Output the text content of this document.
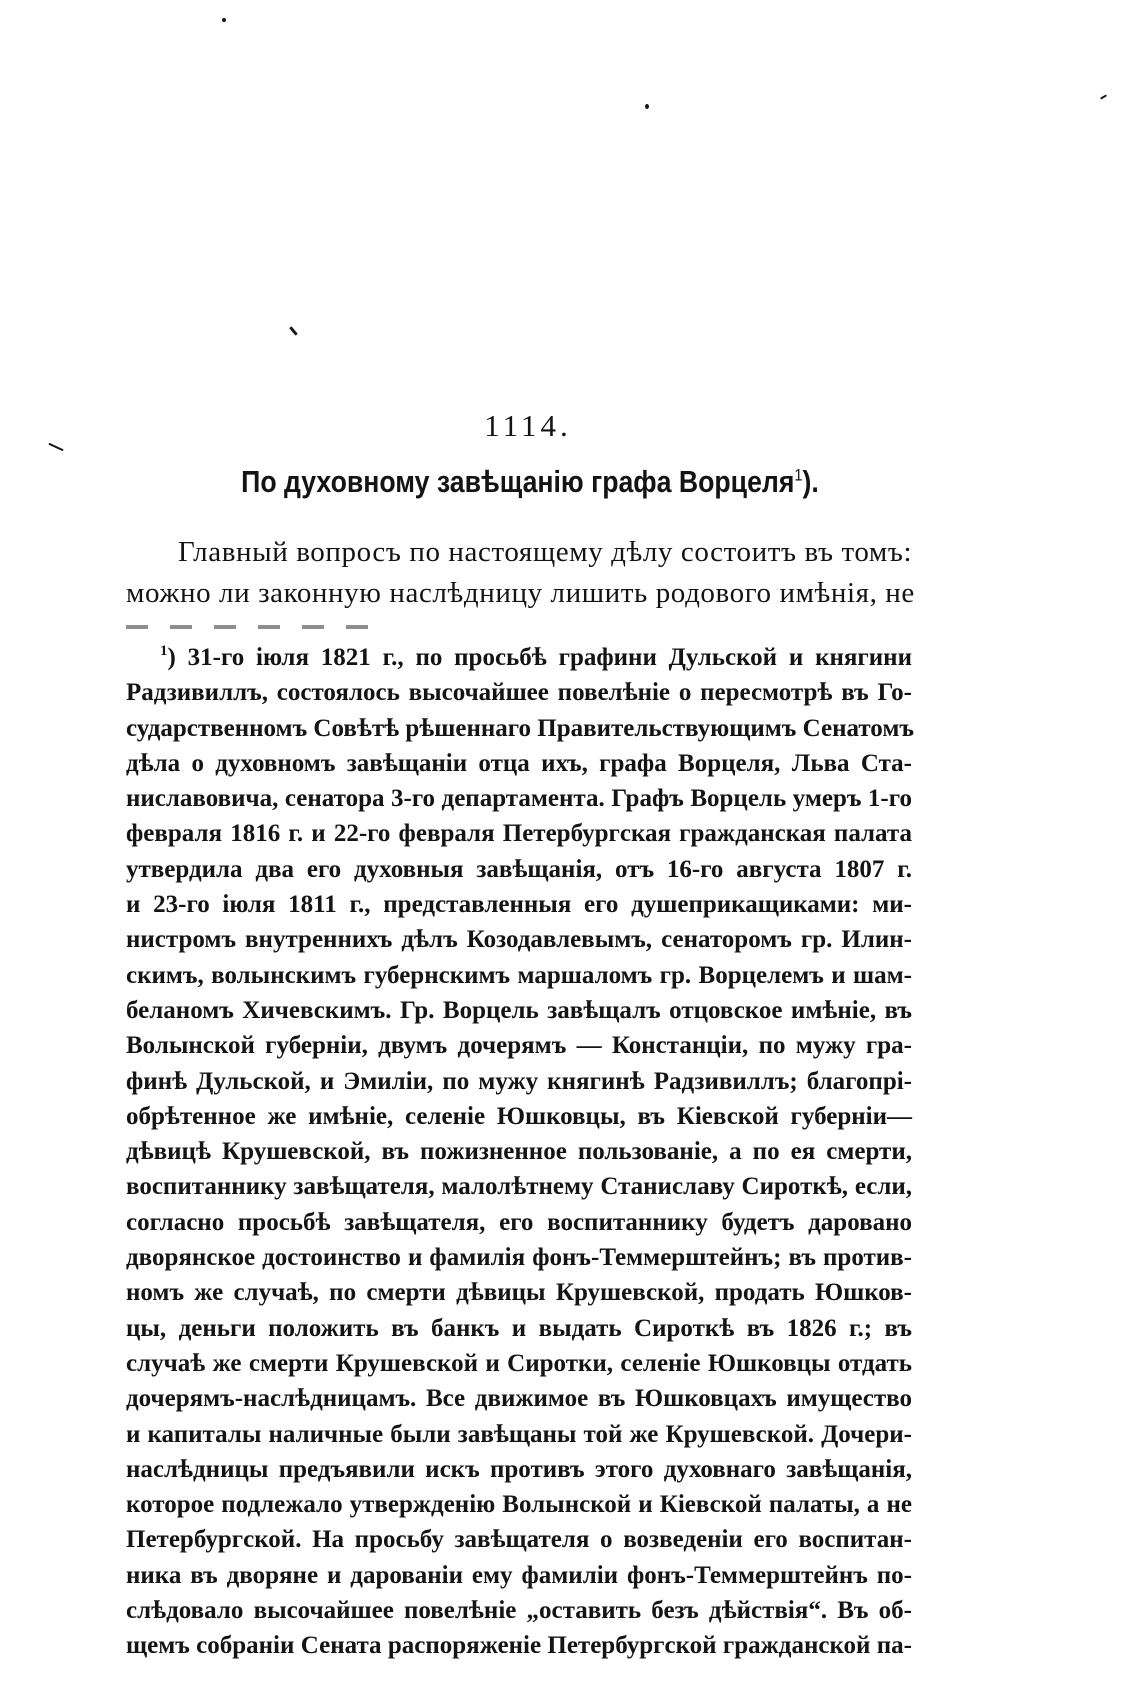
1114.
По духовному завѣщанію графа Ворцеля$^1$).
Главный вопросъ по настоящему дѣлу состоитъ въ томъ:
можно ли законную наслѣдницу лишить родового имѣнія, не
$^1$) 31-го іюля 1821 г., по просьбѣ графини Дульской и княгини
Радзивиллъ, состоялось высочайшее повелѣніе о пересмотрѣ въ Го-
сударственномъ Совѣтѣ рѣшеннаго Правительствующимъ Сенатомъ
дѣла о духовномъ завѣщаніи отца ихъ, графа Ворцеля, Льва Ста-
ниславовича, сенатора 3-го департамента. Графъ Ворцель умеръ 1-го
февраля 1816 г. и 22-го февраля Петербургская гражданская палата
утвердила два его духовныя завѣщанія, отъ 16-го августа 1807 г.
и 23-го іюля 1811 г., представленныя его душеприкащиками: ми-
нистромъ внутреннихъ дѣлъ Козодавлевымъ, сенаторомъ гр. Илин-
скимъ, волынскимъ губернскимъ маршаломъ гр. Ворцелемъ и шам-
беланомъ Хичевскимъ. Гр. Ворцель завѣщалъ отцовское имѣніе, въ
Волынской губерніи, двумъ дочерямъ — Констанціи, по мужу гра-
финѣ Дульской, и Эмиліи, по мужу княгинѣ Радзивиллъ; благопрі-
обрѣтенное же имѣніе, селеніе Юшковцы, въ Кіевской губерніи—
дѣвицѣ Крушевской, въ пожизненное пользованіе, а по ея смерти,
воспитаннику завѣщателя, малолѣтнему Станиславу Сироткѣ, если,
согласно просьбѣ завѣщателя, его воспитаннику будетъ даровано
дворянское достоинство и фамилія фонъ-Теммерштейнъ; въ против-
номъ же случаѣ, по смерти дѣвицы Крушевской, продать Юшков-
цы, деньги положить въ банкъ и выдать Сироткѣ въ 1826 г.; въ
случаѣ же смерти Крушевской и Сиротки, селеніе Юшковцы отдать
дочерямъ-наслѣдницамъ. Все движимое въ Юшковцахъ имущество
и капиталы наличные были завѣщаны той же Крушевской. Дочери-
наслѣдницы предъявили искъ противъ этого духовнаго завѣщанія,
которое подлежало утвержденію Волынской и Кіевской палаты, а не
Петербургской. На просьбу завѣщателя о возведеніи его воспитан-
ника въ дворяне и дарованіи ему фамиліи фонъ-Теммерштейнъ по-
слѣдовало высочайшее повелѣніе „оставить безъ дѣйствія“. Въ об-
щемъ собраніи Сената распоряженіе Петербургской гражданской па-
